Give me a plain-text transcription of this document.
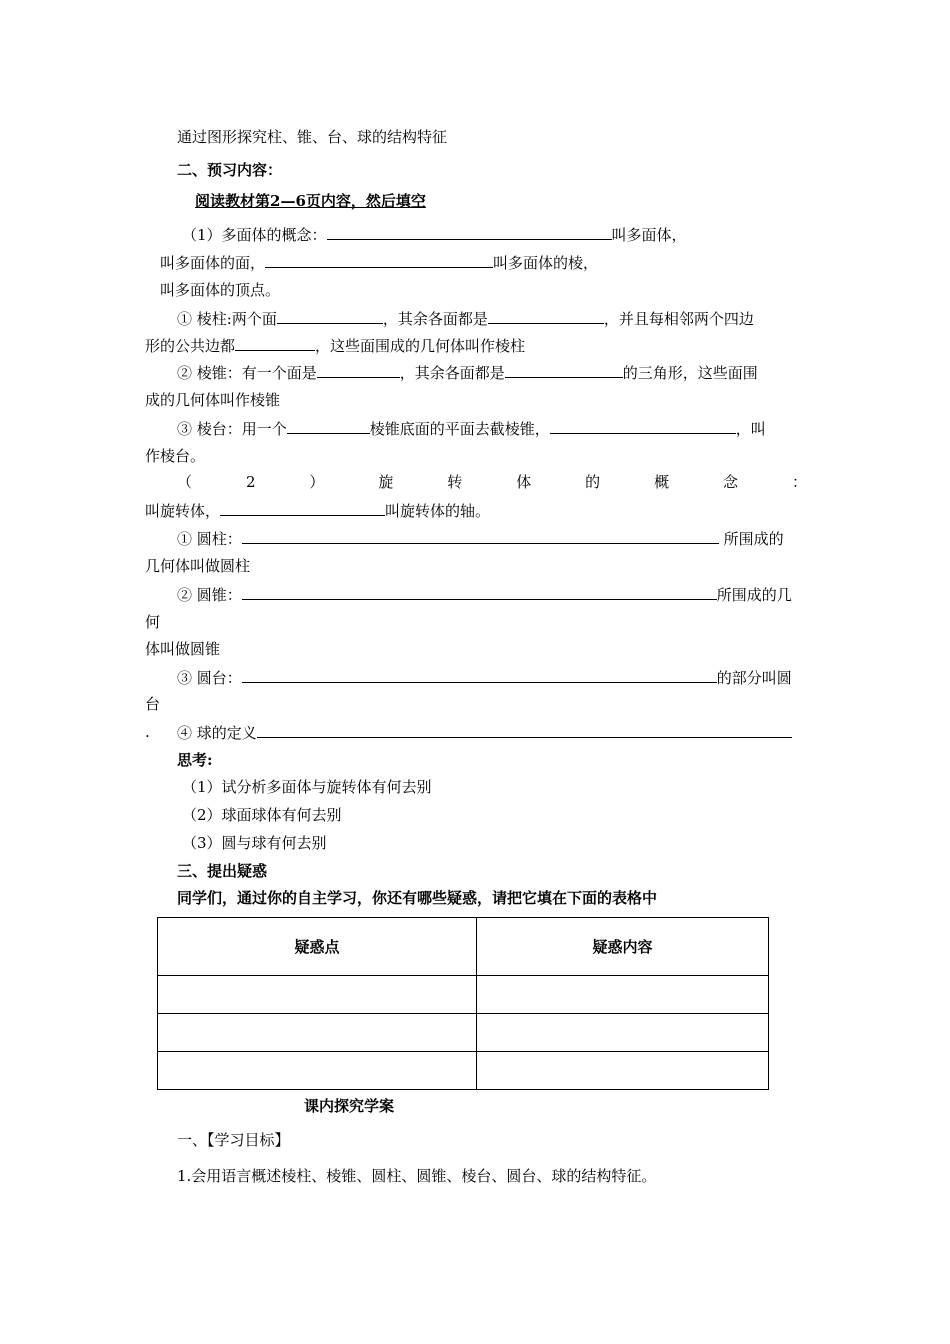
通过图形探究柱、锥、台、球的结构特征
二、预习内容：
阅读教材第2—6页内容，然后填空
（1）多面体的概念：	叫多面体，
叫多面体的面，	叫多面体的棱，
叫多面体的顶点。
① 棱柱:两个面	，其余各面都是	，并且每相邻两个四边
形的公共边都	，这些面围成的几何体叫作棱柱
② 棱锥：有一个面是	，其余各面都是	的三角形，这些面围
成的几何体叫作棱锥
③ 棱台：用一个	棱锥底面的平面去截棱锥，	，叫
作棱台。
（	2	）	旋	转	体	的	概	念	：
叫旋转体，	叫旋转体的轴。
① 圆柱：	所围成的
几何体叫做圆柱
② 圆锥：	所围成的几
何
体叫做圆锥
③ 圆台：	的部分叫圆
台
. ④ 球的定义
思考:
（1）试分析多面体与旋转体有何去别
（2）球面球体有何去别
（3）圆与球有何去别
三、提出疑惑
同学们，通过你的自主学习，你还有哪些疑惑，请把它填在下面的表格中
疑惑点	疑惑内容

课内探究学案
一、【学习目标】
1.会用语言概述棱柱、棱锥、圆柱、圆锥、棱台、圆台、球的结构特征。
